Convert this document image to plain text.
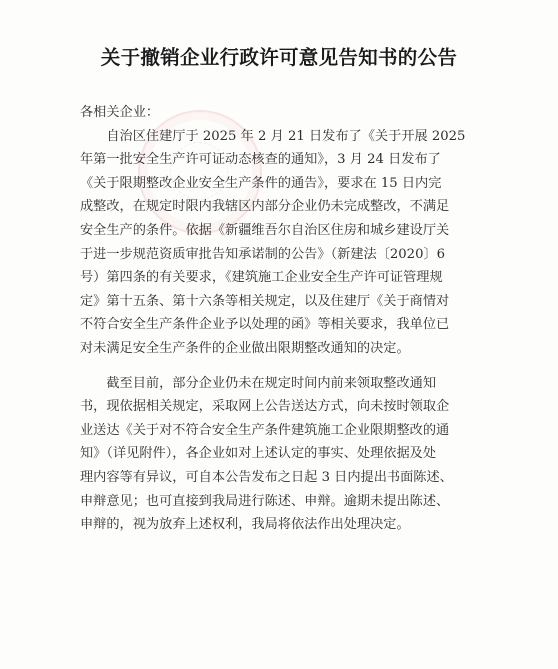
关于撤销企业行政许可意见告知书的公告
各相关企业：
　　自治区住建厅于 2025 年 2 月 21 日发布了《关于开展 2025
年第一批安全生产许可证动态核查的通知》，3 月 24 日发布了
《关于限期整改企业安全生产条件的通告》，要求在 15 日内完
成整改，在规定时限内我辖区内部分企业仍未完成整改，不满足
安全生产的条件。依据《新疆维吾尔自治区住房和城乡建设厅关
于进一步规范资质审批告知承诺制的公告》（新建法〔2020〕6
号）第四条的有关要求，《建筑施工企业安全生产许可证管理规
定》第十五条、第十六条等相关规定，以及住建厅《关于商情对
不符合安全生产条件企业予以处理的函》等相关要求，我单位已
对未满足安全生产条件的企业做出限期整改通知的决定。
　　截至目前，部分企业仍未在规定时间内前来领取整改通知
书，现依据相关规定，采取网上公告送达方式，向未按时领取企
业送达《关于对不符合安全生产条件建筑施工企业限期整改的通
知》（详见附件），各企业如对上述认定的事实、处理依据及处
理内容等有异议，可自本公告发布之日起 3 日内提出书面陈述、
申辩意见；也可直接到我局进行陈述、申辩。逾期未提出陈述、
申辩的，视为放弃上述权利，我局将依法作出处理决定。
